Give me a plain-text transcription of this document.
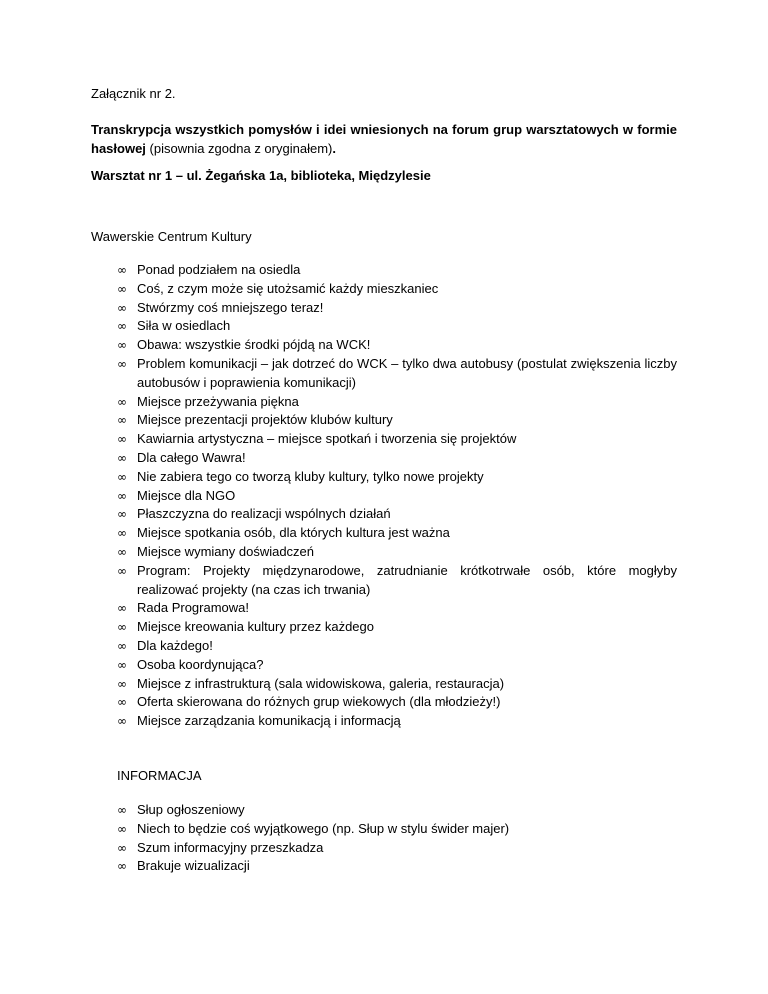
Załącznik nr 2.
Transkrypcja wszystkich pomysłów i idei wniesionych na forum grup warsztatowych w formie hasłowej (pisownia zgodna z oryginałem).
Warsztat nr 1 – ul. Żegańska 1a, biblioteka, Międzylesie
Wawerskie Centrum Kultury
∞ Ponad podziałem na osiedla
∞ Coś, z czym może się utożsamić każdy mieszkaniec
∞ Stwórzmy coś mniejszego teraz!
∞ Siła w osiedlach
∞ Obawa: wszystkie środki pójdą na WCK!
∞ Problem komunikacji – jak dotrzeć do WCK – tylko dwa autobusy (postulat zwiększenia liczby autobusów i poprawienia komunikacji)
∞ Miejsce przeżywania piękna
∞ Miejsce prezentacji projektów klubów kultury
∞ Kawiarnia artystyczna – miejsce spotkań i tworzenia się projektów
∞ Dla całego Wawra!
∞ Nie zabiera tego co tworzą kluby kultury, tylko nowe projekty
∞ Miejsce dla NGO
∞ Płaszczyzna do realizacji wspólnych działań
∞ Miejsce spotkania osób, dla których kultura jest ważna
∞ Miejsce wymiany doświadczeń
∞ Program: Projekty międzynarodowe, zatrudnianie krótkotrwałe osób, które mogłyby realizować projekty (na czas ich trwania)
∞ Rada Programowa!
∞ Miejsce kreowania kultury przez każdego
∞ Dla każdego!
∞ Osoba koordynująca?
∞ Miejsce z infrastrukturą (sala widowiskowa, galeria, restauracja)
∞ Oferta skierowana do różnych grup wiekowych (dla młodzieży!)
∞ Miejsce zarządzania komunikacją i informacją
INFORMACJA
∞ Słup ogłoszeniowy
∞ Niech to będzie coś wyjątkowego (np. Słup w stylu świder majer)
∞ Szum informacyjny przeszkadza
∞ Brakuje wizualizacji
